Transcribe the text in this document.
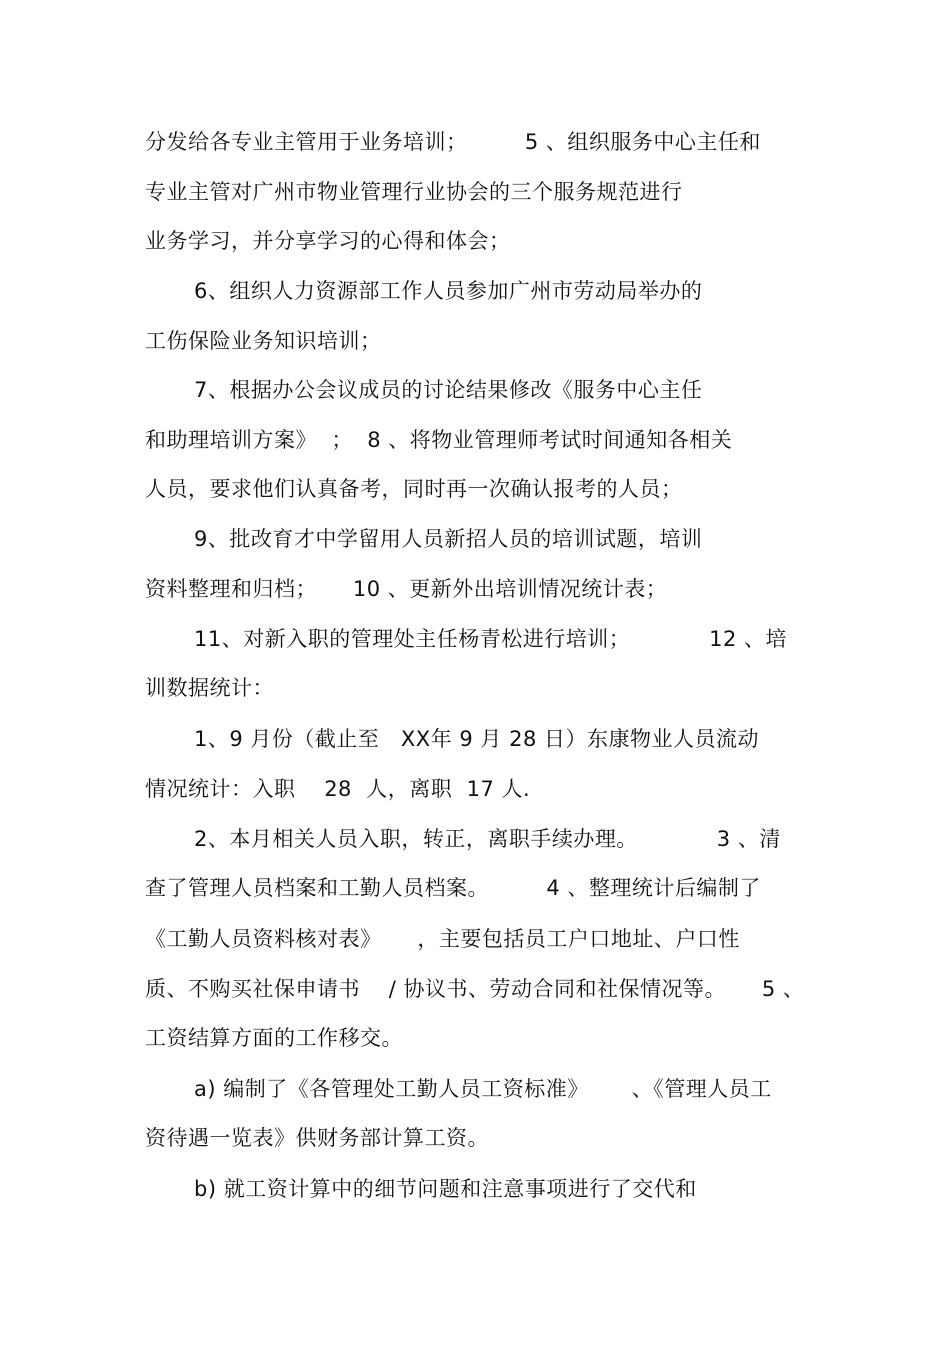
分发给各专业主管用于业务培训；        5 、组织服务中心主任和
专业主管对广州市物业管理行业协会的三个服务规范进行
业务学习，并分享学习的心得和体会；
6、组织人力资源部工作人员参加广州市劳动局举办的
工伤保险业务知识培训；
7、根据办公会议成员的讨论结果修改《服务中心主任
和助理培训方案》  ；  8 、将物业管理师考试时间通知各相关
人员，要求他们认真备考，同时再一次确认报考的人员；
9、批改育才中学留用人员新招人员的培训试题，培训
资料整理和归档；     10 、更新外出培训情况统计表；
11、对新入职的管理处主任杨青松进行培训；           12 、培
训数据统计：
1、9 月份（截止至   XX年 9 月 28 日）东康物业人员流动
情况统计：入职    28  人，离职  17 人.
2、本月相关人员入职，转正，离职手续办理。           3 、清
查了管理人员档案和工勤人员档案。        4 、整理统计后编制了
《工勤人员资料核对表》     ，主要包括员工户口地址、户口性
质、不购买社保申请书    / 协议书、劳动合同和社保情况等。     5 、
工资结算方面的工作移交。
a) 编制了《各管理处工勤人员工资标准》      、《管理人员工
资待遇一览表》供财务部计算工资。
b) 就工资计算中的细节问题和注意事项进行了交代和
